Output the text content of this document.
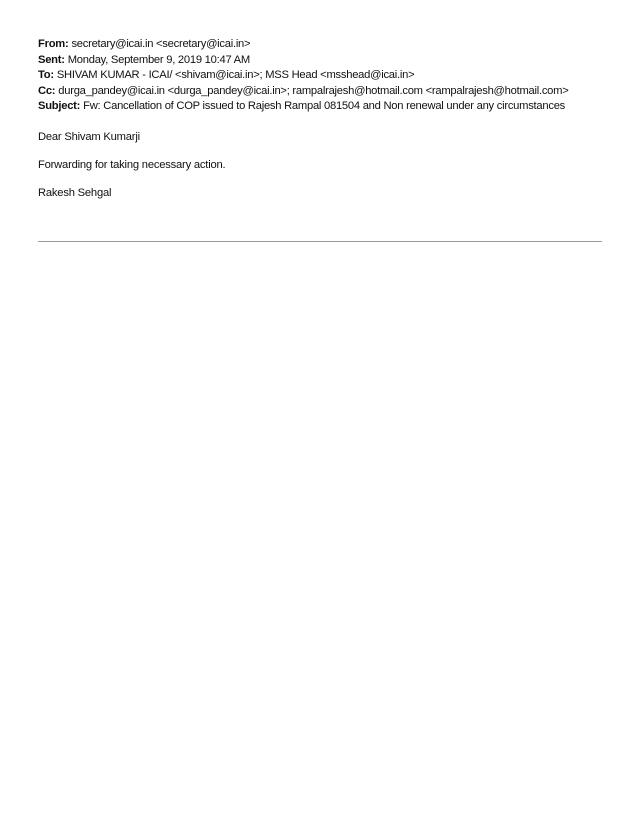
From: secretary@icai.in <secretary@icai.in>
Sent: Monday, September 9, 2019 10:47 AM
To: SHIVAM KUMAR - ICAI/ <shivam@icai.in>; MSS Head <msshead@icai.in>
Cc: durga_pandey@icai.in <durga_pandey@icai.in>; rampalrajesh@hotmail.com <rampalrajesh@hotmail.com>
Subject: Fw: Cancellation of COP issued to Rajesh Rampal 081504 and Non renewal under any circumstances
Dear Shivam Kumarji
Forwarding for taking necessary action.
Rakesh Sehgal
